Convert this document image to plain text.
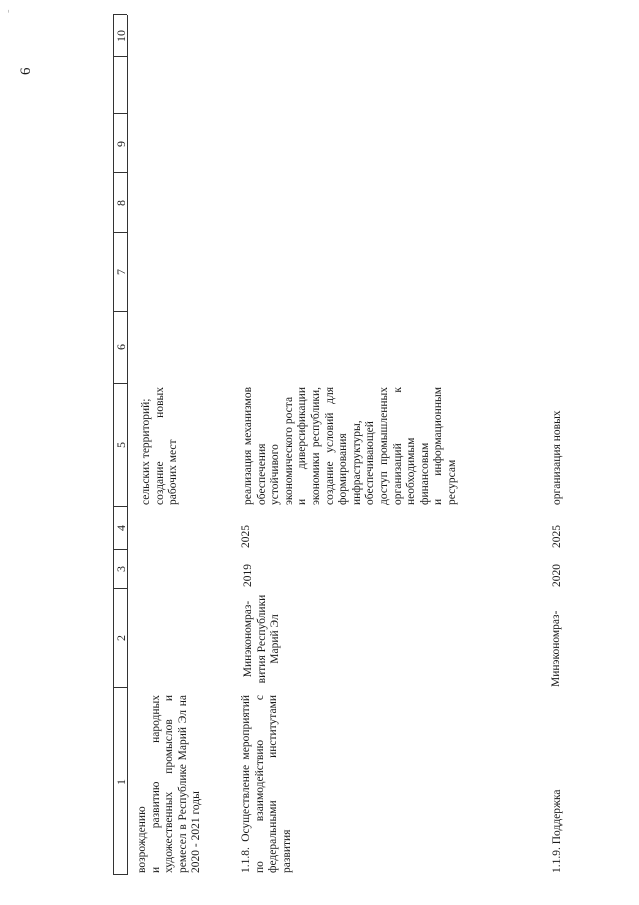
6
1
2
3
4
5
6
7
8
9
10
возрождению
и развитию народных художественных промыслов и ремесел в Республике Марий Эл на 2020 - 2021 годы
сельских территорий;
создание новых рабочих мест
1.1.8. Осуществление мероприятий по взаимодействию с федеральными институтами развития
Минэкономраз-
вития Республики Марий Эл
2019
2025
реализация механизмов обеспечения устойчивого экономического роста
и диверсификации экономики республики, создание условий для формирования инфраструктуры, обеспечивающей доступ промышленных организаций к необходимым финансовым
и информационным ресурсам
1.1.9. Поддержка
Минэкономраз-
2020
2025
организация новых
–
